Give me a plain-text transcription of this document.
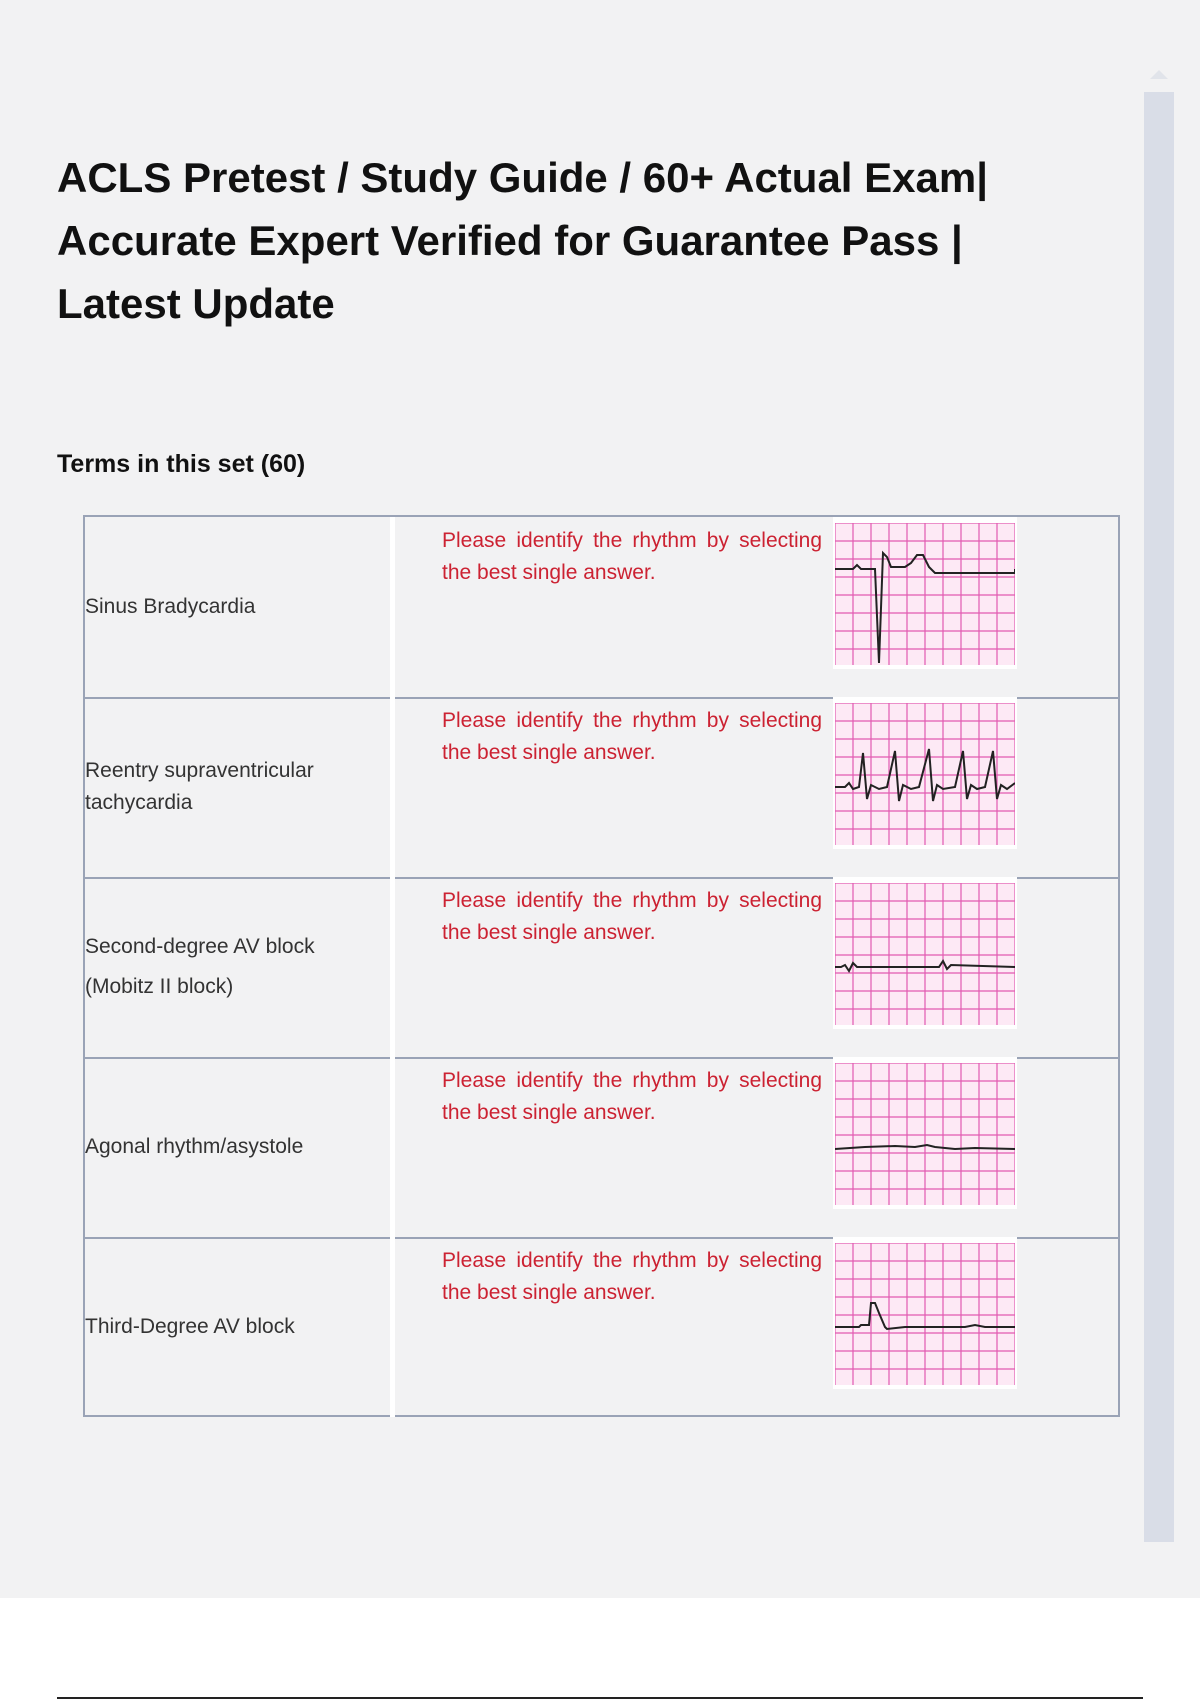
ACLS Pretest / Study Guide / 60+ Actual Exam| Accurate Expert Verified for Guarantee Pass | Latest Update
Terms in this set (60)
Sinus Bradycardia
Please identify the rhythm by selecting the best single answer.
Reentry supraventricular tachycardia
Please identify the rhythm by selecting the best single answer.
Second-degree AV block (Mobitz II block)
Please identify the rhythm by selecting the best single answer.
Agonal rhythm/asystole
Please identify the rhythm by selecting the best single answer.
Third-Degree AV block
Please identify the rhythm by selecting the best single answer.
